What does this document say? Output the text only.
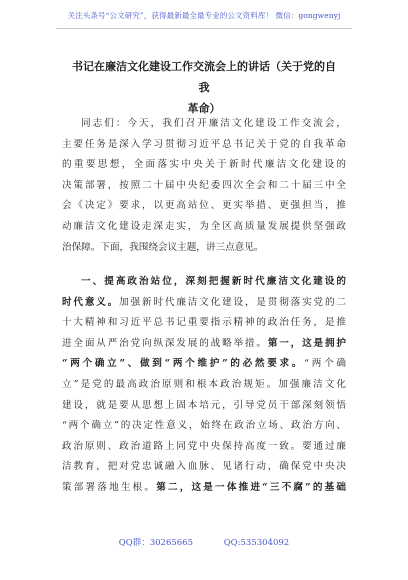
关注头条号“公文研究”，获得最新最全最专业的公文资料库！ 微信：gongwenyj
书记在廉洁文化建设工作交流会上的讲话（关于党的自我
革命）
同志们：今天，我们召开廉洁文化建设工作交流会，
主要任务是深入学习贯彻习近平总书记关于党的自我革命
的重要思想，全面落实中央关于新时代廉洁文化建设的
决策部署，按照二十届中央纪委四次全会和二十届三中全
会《决定》要求，以更高站位、更实举措、更强担当，推
动廉洁文化建设走深走实，为全区高质量发展提供坚强政
治保障。下面，我围绕会议主题，讲三点意见。
一、提高政治站位，深刻把握新时代廉洁文化建设的
时代意义。加强新时代廉洁文化建设，是贯彻落实党的二
十大精神和习近平总书记重要指示精神的政治任务，是推
进全面从严治党向纵深发展的战略举措。第一，这是拥护
“两个确立”、做到“两个维护”的必然要求。“两个确
立”是党的最高政治原则和根本政治规矩。加强廉洁文化
建设，就是要从思想上固本培元，引导党员干部深刻领悟
“两个确立”的决定性意义，始终在政治立场、政治方向、
政治原则、政治道路上同党中央保持高度一致。要通过廉
洁教育，把对党忠诚融入血脉、见诸行动，确保党中央决
策部署落地生根。第二，这是一体推进“三不腐”的基础
QQ群：30265665	QQ:535304092
